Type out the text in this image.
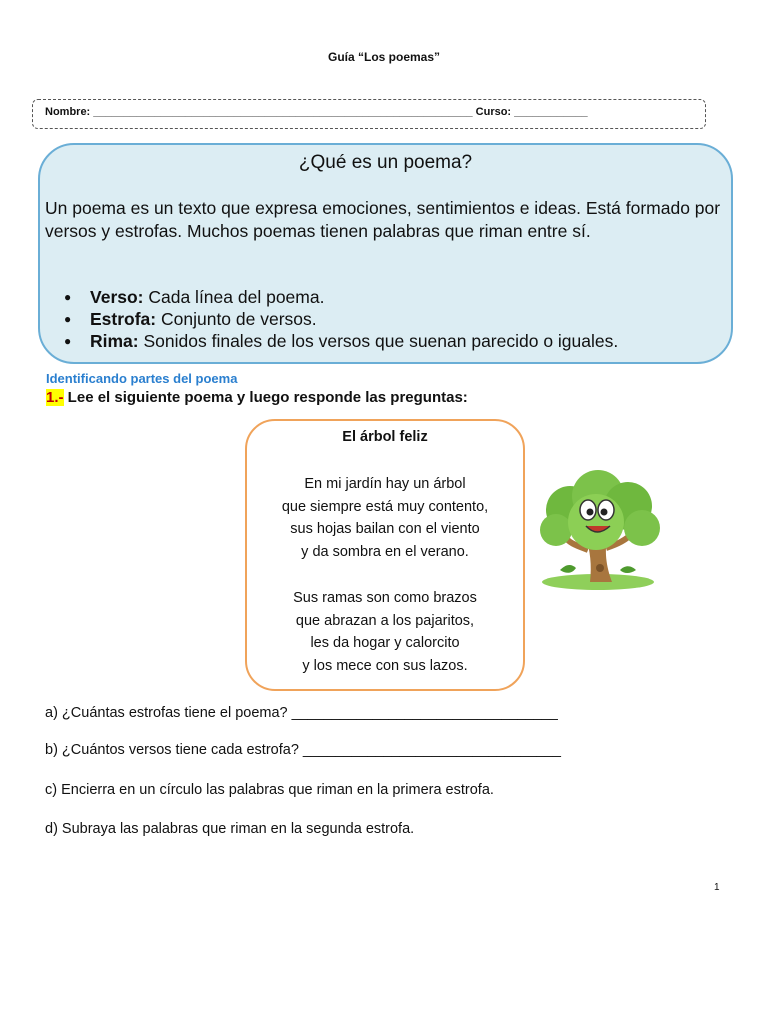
Guía “Los poemas”
Nombre: ______________________________________________________________ Curso: ____________
¿Qué es un poema?
Un poema es un texto que expresa emociones, sentimientos e ideas. Está formado por versos y estrofas. Muchos poemas tienen palabras que riman entre sí.
● Verso: Cada línea del poema.
● Estrofa: Conjunto de versos.
● Rima: Sonidos finales de los versos que suenan parecido o iguales.
Identificando partes del poema
1.- Lee el siguiente poema y luego responde las preguntas:
El árbol feliz
En mi jardín hay un árbol
que siempre está muy contento,
sus hojas bailan con el viento
y da sombra en el verano.
Sus ramas son como brazos
que abrazan a los pajaritos,
les da hogar y calorcito
y los mece con sus lazos.
a) ¿Cuántas estrofas tiene el poema? _________________________________
b) ¿Cuántos versos tiene cada estrofa? ________________________________
c) Encierra en un círculo las palabras que riman en la primera estrofa.
d) Subraya las palabras que riman en la segunda estrofa.
1
